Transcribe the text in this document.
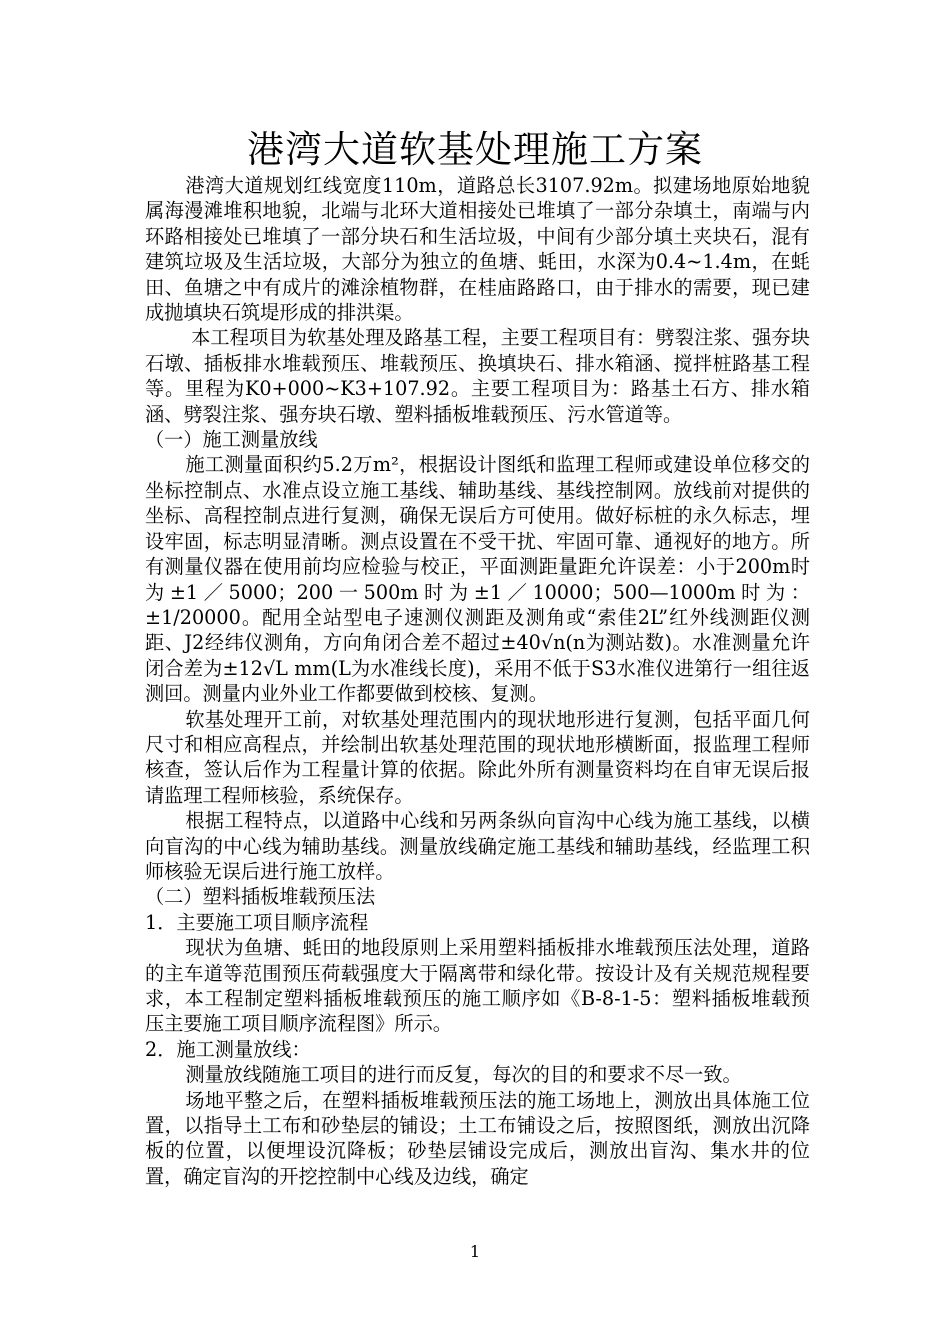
港湾大道软基处理施工方案

港湾大道规划红线宽度110m，道路总长3107.92m。拟建场地原始地貌属海漫滩堆积地貌，北端与北环大道相接处已堆填了一部分杂填土，南端与内环路相接处已堆填了一部分块石和生活垃圾，中间有少部分填土夹块石，混有建筑垃圾及生活垃圾，大部分为独立的鱼塘、蚝田，水深为0.4~1.4m，在蚝田、鱼塘之中有成片的滩涂植物群，在桂庙路路口，由于排水的需要，现已建成抛填块石筑堤形成的排洪渠。

本工程项目为软基处理及路基工程，主要工程项目有：劈裂注浆、强夯块石墩、插板排水堆载预压、堆载预压、换填块石、排水箱涵、搅拌桩路基工程等。里程为K0+000~K3+107.92。主要工程项目为：路基土石方、排水箱涵、劈裂注浆、强夯块石墩、塑料插板堆载预压、污水管道等。

（一）施工测量放线

施工测量面积约5.2万m²，根据设计图纸和监理工程师或建设单位移交的坐标控制点、水准点设立施工基线、辅助基线、基线控制网。放线前对提供的坐标、高程控制点进行复测，确保无误后方可使用。做好标桩的永久标志，埋设牢固，标志明显清晰。测点设置在不受干扰、牢固可靠、通视好的地方。所有测量仪器在使用前均应检验与校正，平面测距量距允许误差：小于200m时为±1／5000；200一500m时为±1／10000；500—1000m时为：±1/20000。配用全站型电子速测仪测距及测角或“索佳2L”红外线测距仪测距、J2经纬仪测角，方向角闭合差不超过±40√n(n为测站数)。水准测量允许闭合差为±12√L mm(L为水准线长度)，采用不低于S3水准仪进第行一组往返测回。测量内业外业工作都要做到校核、复测。

软基处理开工前，对软基处理范围内的现状地形进行复测，包括平面几何尺寸和相应高程点，并绘制出软基处理范围的现状地形横断面，报监理工程师核查，签认后作为工程量计算的依据。除此外所有测量资料均在自审无误后报请监理工程师核验，系统保存。

根据工程特点，以道路中心线和另两条纵向盲沟中心线为施工基线，以横向盲沟的中心线为辅助基线。测量放线确定施工基线和辅助基线，经监理工积师核验无误后进行施工放样。

（二）塑料插板堆载预压法

1．主要施工项目顺序流程

现状为鱼塘、蚝田的地段原则上采用塑料插板排水堆载预压法处理，道路的主车道等范围预压荷载强度大于隔离带和绿化带。按设计及有关规范规程要求，本工程制定塑料插板堆载预压的施工顺序如《B-8-1-5：塑料插板堆载预压主要施工项目顺序流程图》所示。

2．施工测量放线：

测量放线随施工项目的进行而反复，每次的目的和要求不尽一致。

场地平整之后，在塑料插板堆载预压法的施工场地上，测放出具体施工位置，以指导土工布和砂垫层的铺设；土工布铺设之后，按照图纸，测放出沉降板的位置，以便埋设沉降板；砂垫层铺设完成后，测放出盲沟、集水井的位置，确定盲沟的开挖控制中心线及边线，确定

1
